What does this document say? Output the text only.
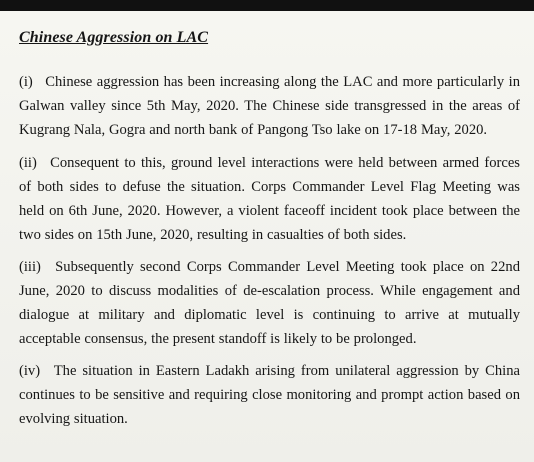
Chinese Aggression on LAC
(i) Chinese aggression has been increasing along the LAC and more particularly in Galwan valley since 5th May, 2020. The Chinese side transgressed in the areas of Kugrang Nala, Gogra and north bank of Pangong Tso lake on 17-18 May, 2020.
(ii) Consequent to this, ground level interactions were held between armed forces of both sides to defuse the situation. Corps Commander Level Flag Meeting was held on 6th June, 2020. However, a violent faceoff incident took place between the two sides on 15th June, 2020, resulting in casualties of both sides.
(iii) Subsequently second Corps Commander Level Meeting took place on 22nd June, 2020 to discuss modalities of de-escalation process. While engagement and dialogue at military and diplomatic level is continuing to arrive at mutually acceptable consensus, the present standoff is likely to be prolonged.
(iv) The situation in Eastern Ladakh arising from unilateral aggression by China continues to be sensitive and requiring close monitoring and prompt action based on evolving situation.
